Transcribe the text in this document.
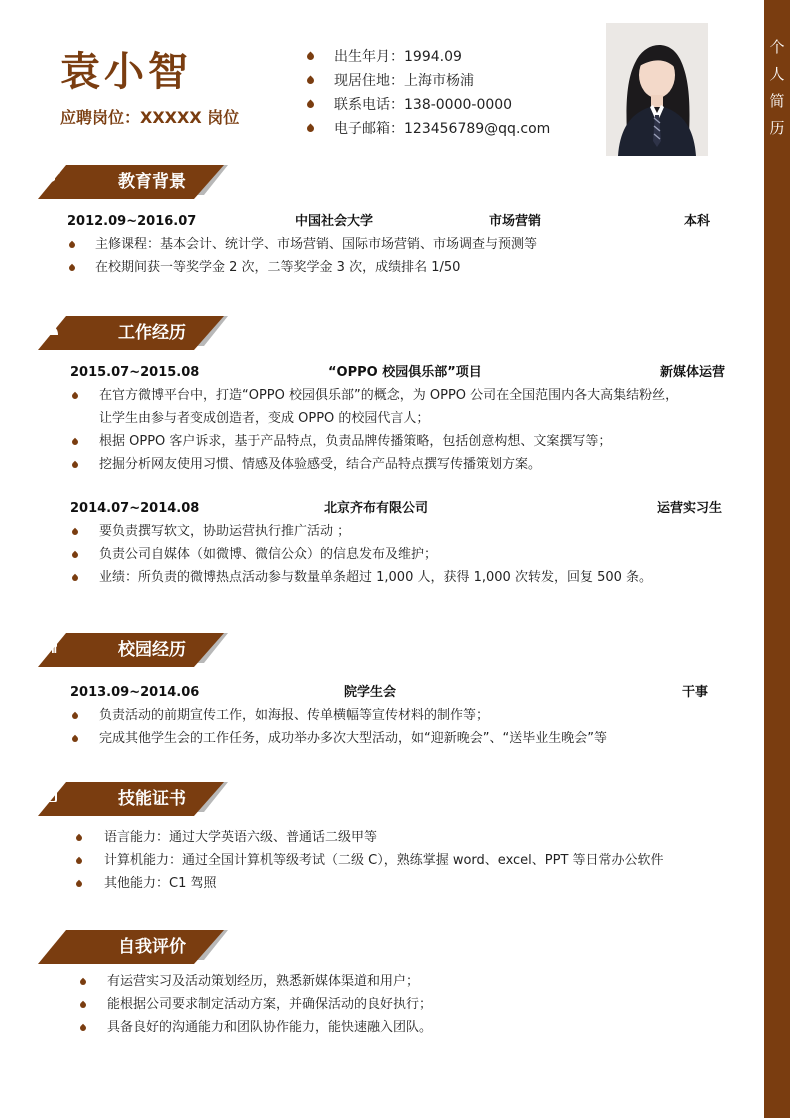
个
人
简
历
袁小智
应聘岗位：XXXXX 岗位
出生年月：1994.09
现居住地：上海市杨浦
联系电话：138-0000-0000
电子邮箱：123456789@qq.com
教育背景
工作经历
校园经历
技能证书
自我评价
2012.09~2016.07	中国社会大学	市场营销	本科
主修课程：基本会计、统计学、市场营销、国际市场营销、市场调查与预测等
在校期间获一等奖学金 2 次，二等奖学金 3 次，成绩排名 1/50
2015.07~2015.08	“OPPO 校园俱乐部”项目	新媒体运营
在官方微博平台中，打造“OPPO 校园俱乐部”的概念，为 OPPO 公司在全国范围内各大高集结粉丝，
让学生由参与者变成创造者，变成 OPPO 的校园代言人；
根据 OPPO 客户诉求，基于产品特点，负责品牌传播策略，包括创意构想、文案撰写等；
挖掘分析网友使用习惯、情感及体验感受，结合产品特点撰写传播策划方案。
2014.07~2014.08	北京齐布有限公司	运营实习生
要负责撰写软文，协助运营执行推广活动 ；
负责公司自媒体（如微博、微信公众）的信息发布及维护；
业绩：所负责的微博热点活动参与数量单条超过 1,000 人，获得 1,000 次转发，回复 500 条。
2013.09~2014.06	院学生会	干事
负责活动的前期宣传工作，如海报、传单横幅等宣传材料的制作等；
完成其他学生会的工作任务，成功举办多次大型活动，如“迎新晚会”、“送毕业生晚会”等
语言能力：通过大学英语六级、普通话二级甲等
计算机能力：通过全国计算机等级考试（二级 C），熟练掌握 word、excel、PPT 等日常办公软件
其他能力：C1 驾照
有运营实习及活动策划经历，熟悉新媒体渠道和用户；
能根据公司要求制定活动方案，并确保活动的良好执行；
具备良好的沟通能力和团队协作能力，能快速融入团队。
